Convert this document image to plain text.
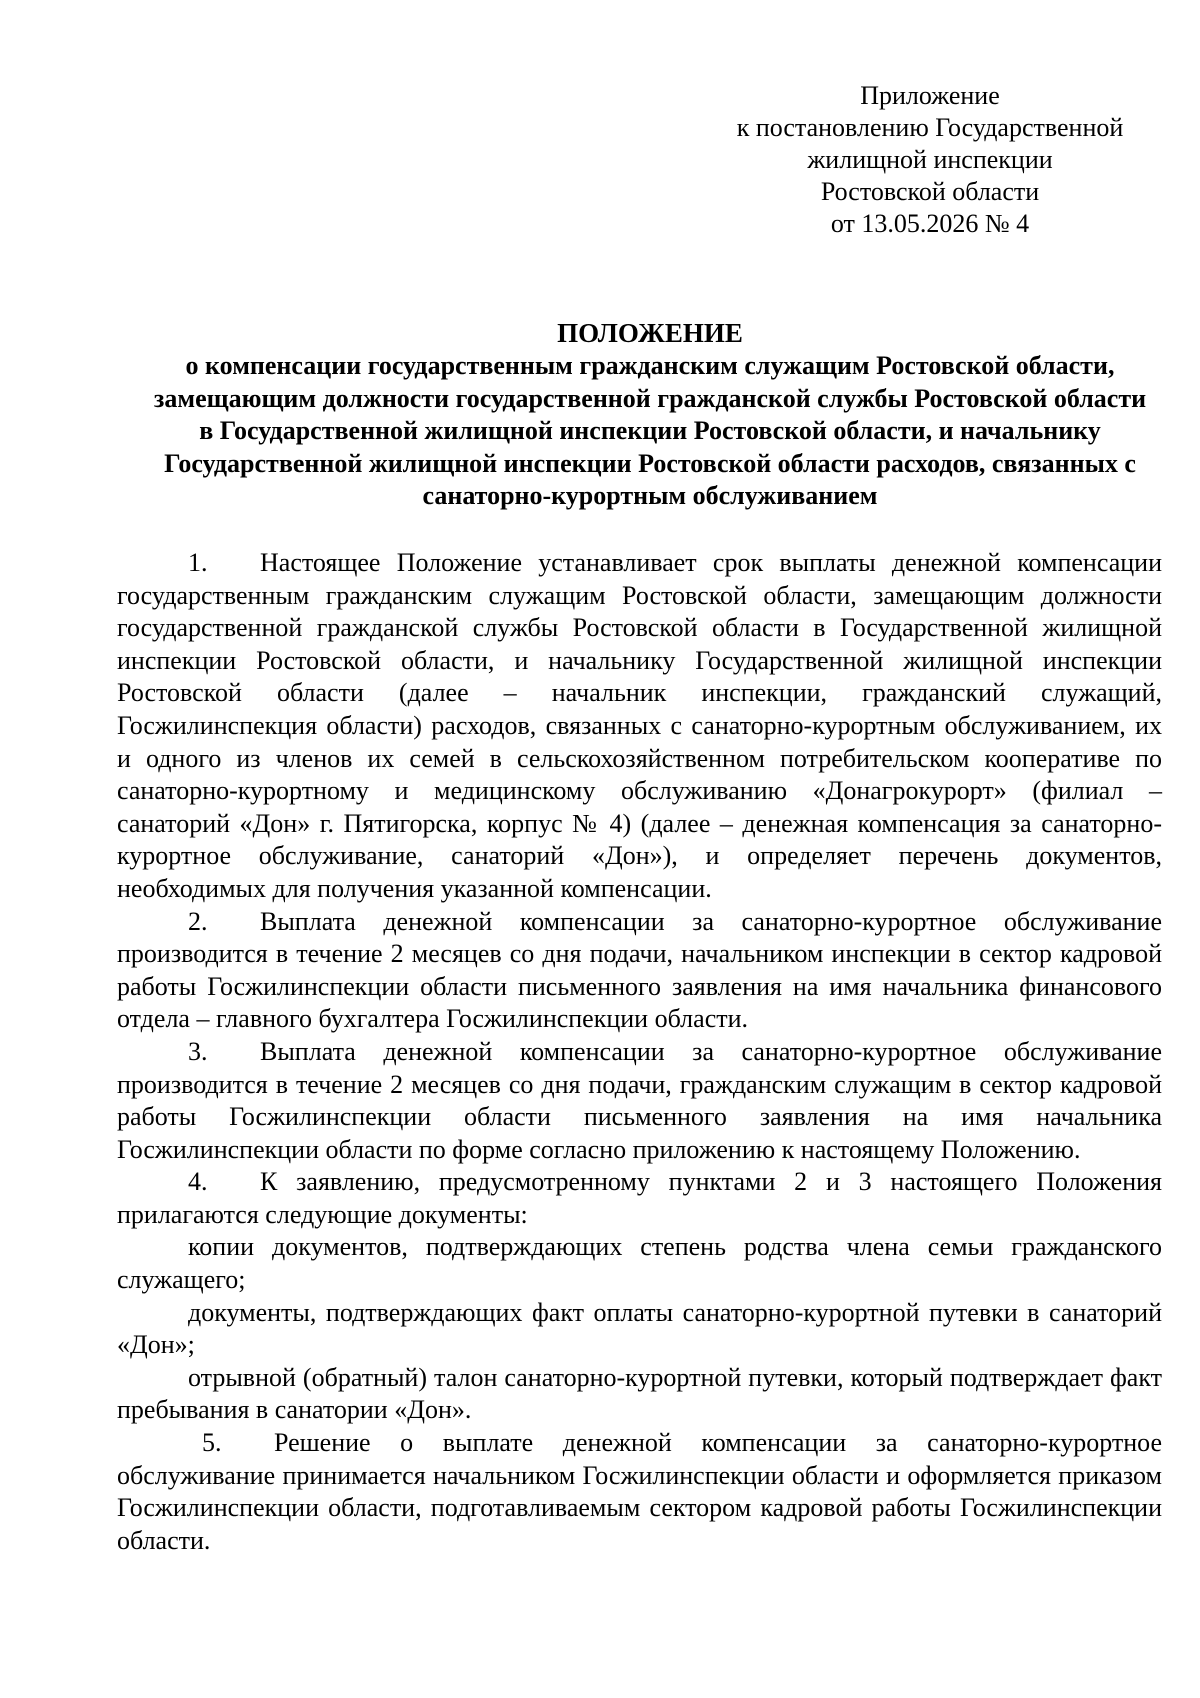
Приложение
к постановлению Государственной
жилищной инспекции
Ростовской области
от 13.05.2026 № 4
ПОЛОЖЕНИЕ
о компенсации государственным гражданским служащим Ростовской области, замещающим должности государственной гражданской службы Ростовской области в Государственной жилищной инспекции Ростовской области, и начальнику Государственной жилищной инспекции Ростовской области расходов, связанных с санаторно-курортным обслуживанием

1. Настоящее Положение устанавливает срок выплаты денежной компенсации государственным гражданским служащим Ростовской области, замещающим должности государственной гражданской службы Ростовской области в Государственной жилищной инспекции Ростовской области, и начальнику Государственной жилищной инспекции Ростовской области (далее – начальник инспекции, гражданский служащий, Госжилинспекция области) расходов, связанных с санаторно-курортным обслуживанием, их и одного из членов их семей в сельскохозяйственном потребительском кооперативе по санаторно-курортному и медицинскому обслуживанию «Донагрокурорт» (филиал – санаторий «Дон» г. Пятигорска, корпус № 4) (далее – денежная компенсация за санаторно-курортное обслуживание, санаторий «Дон»), и определяет перечень документов, необходимых для получения указанной компенсации.

2. Выплата денежной компенсации за санаторно-курортное обслуживание производится в течение 2 месяцев со дня подачи, начальником инспекции в сектор кадровой работы Госжилинспекции области письменного заявления на имя начальника финансового отдела – главного бухгалтера Госжилинспекции области.

3. Выплата денежной компенсации за санаторно-курортное обслуживание производится в течение 2 месяцев со дня подачи, гражданским служащим в сектор кадровой работы Госжилинспекции области письменного заявления на имя начальника Госжилинспекции области по форме согласно приложению к настоящему Положению.

4. К заявлению, предусмотренному пунктами 2 и 3 настоящего Положения прилагаются следующие документы:

копии документов, подтверждающих степень родства члена семьи гражданского служащего;

документы, подтверждающих факт оплаты санаторно-курортной путевки в санаторий «Дон»;

отрывной (обратный) талон санаторно-курортной путевки, который подтверждает факт пребывания в санатории «Дон».

5. Решение о выплате денежной компенсации за санаторно-курортное обслуживание принимается начальником Госжилинспекции области и оформляется приказом Госжилинспекции области, подготавливаемым сектором кадровой работы Госжилинспекции области.
